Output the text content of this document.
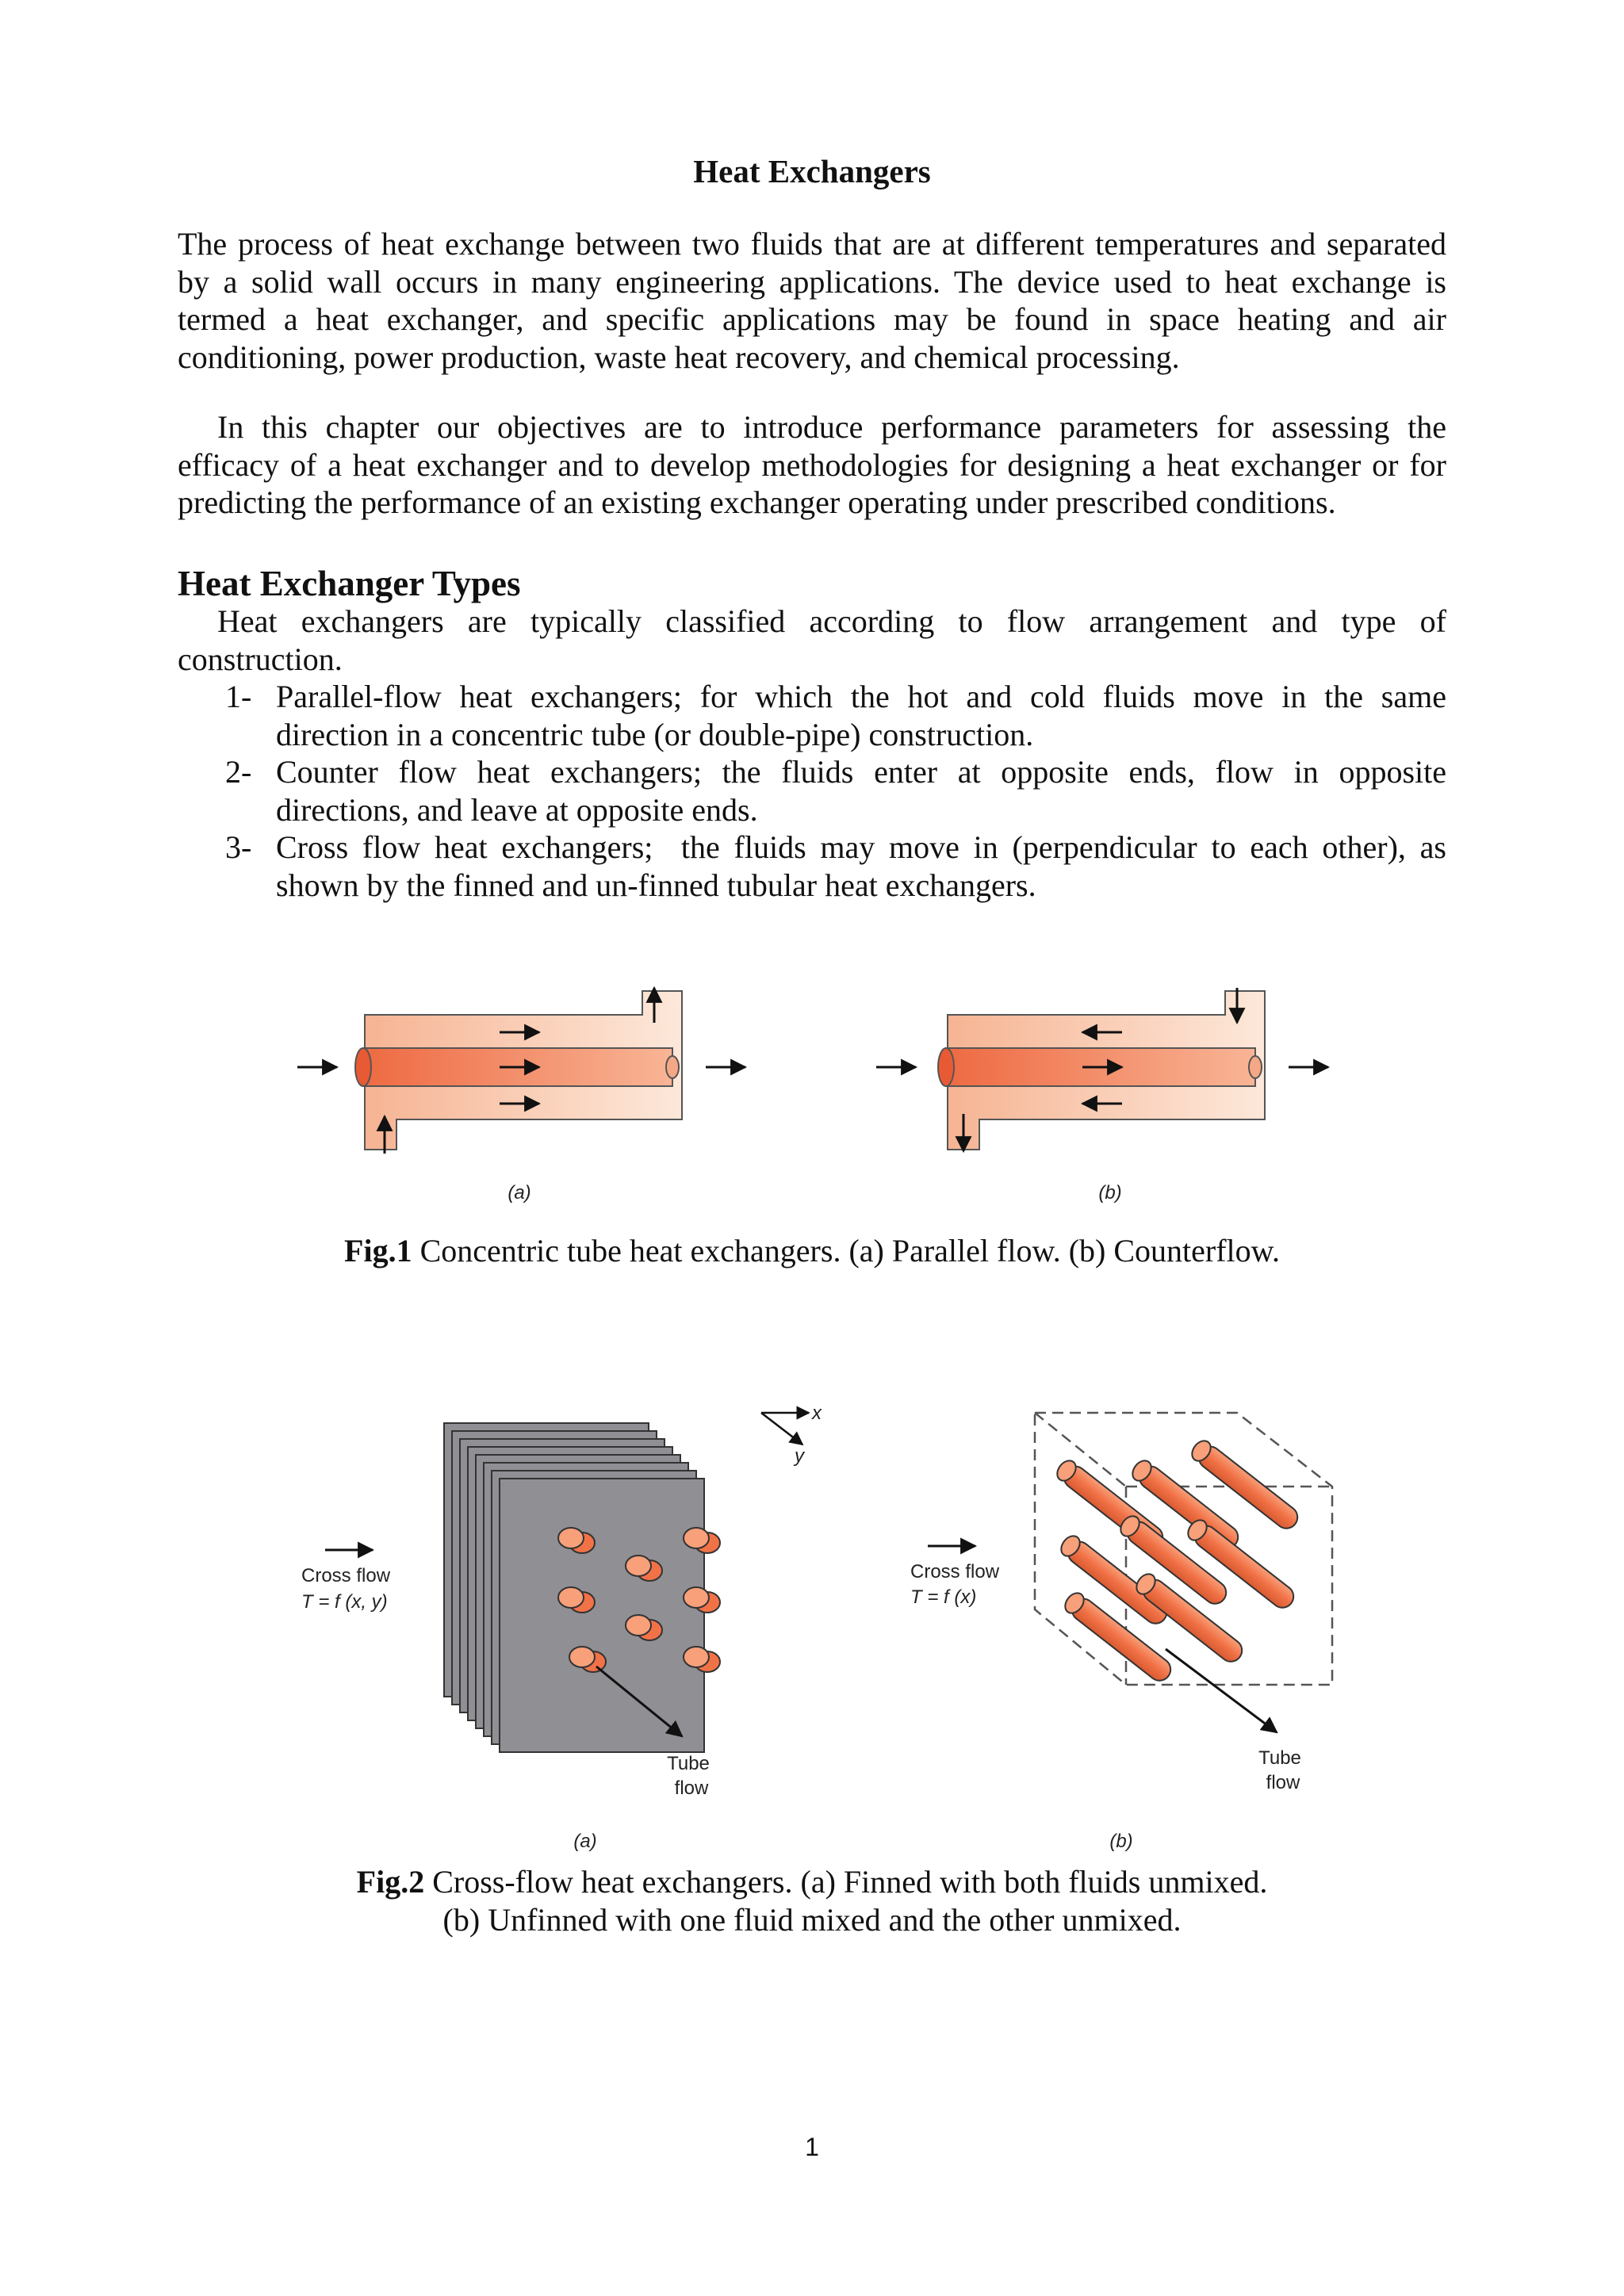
Heat Exchangers
The process of heat exchange between two fluids that are at different temperatures and separated
by a solid wall occurs in many engineering applications. The device used to heat exchange is
termed a heat exchanger, and specific applications may be found in space heating and air
conditioning, power production, waste heat recovery, and chemical processing.
In this chapter our objectives are to introduce performance parameters for assessing the
efficacy of a heat exchanger and to develop methodologies for designing a heat exchanger or for
predicting the performance of an existing exchanger operating under prescribed conditions.
Heat Exchanger Types
Heat exchangers are typically classified according to flow arrangement and type of
construction.
1- Parallel-flow heat exchangers; for which the hot and cold fluids move in the same
direction in a concentric tube (or double-pipe) construction.
2- Counter flow heat exchangers; the fluids enter at opposite ends, flow in opposite
directions, and leave at opposite ends.
3- Cross flow heat exchangers;  the fluids may move in (perpendicular to each other), as
shown by the finned and un-finned tubular heat exchangers.
(a)	(b)
Fig.1 Concentric tube heat exchangers. (a) Parallel flow. (b) Counterflow.
Cross flow
T = f (x, y)
Tube
flow
x
y
(a)
Cross flow
T = f (x)
Tube
flow
(b)
Fig.2 Cross-flow heat exchangers. (a) Finned with both fluids unmixed.
(b) Unfinned with one fluid mixed and the other unmixed.
1
